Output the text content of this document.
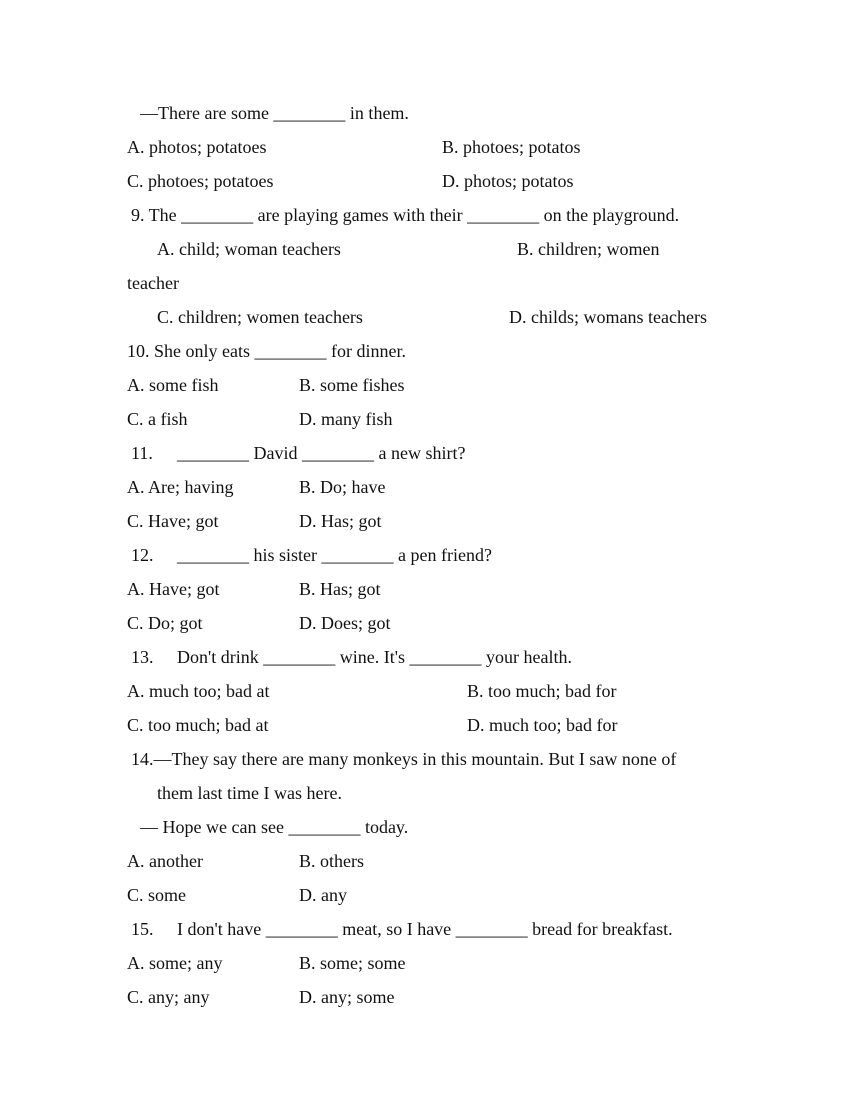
—There are some ________ in them.
A. photos; potatoes	B. photoes; potatos
C. photoes; potatoes	D. photos; potatos
9. The ________ are playing games with their ________ on the playground.
A. child; woman teachers	B. children; women
teacher
C. children; women teachers	D. childs; womans teachers
10. She only eats ________ for dinner.
A. some fish	B. some fishes
C. a fish	D. many fish
11. ________ David ________ a new shirt?
A. Are; having	B. Do; have
C. Have; got	D. Has; got
12. ________ his sister ________ a pen friend?
A. Have; got	B. Has; got
C. Do; got	D. Does; got
13. Don't drink ________ wine. It's ________ your health.
A. much too; bad at	B. too much; bad for
C. too much; bad at	D. much too; bad for
14.—They say there are many monkeys in this mountain. But I saw none of
them last time I was here.
— Hope we can see ________ today.
A. another	B. others
C. some	D. any
15. I don't have ________ meat, so I have ________ bread for breakfast.
A. some; any	B. some; some
C. any; any	D. any; some
